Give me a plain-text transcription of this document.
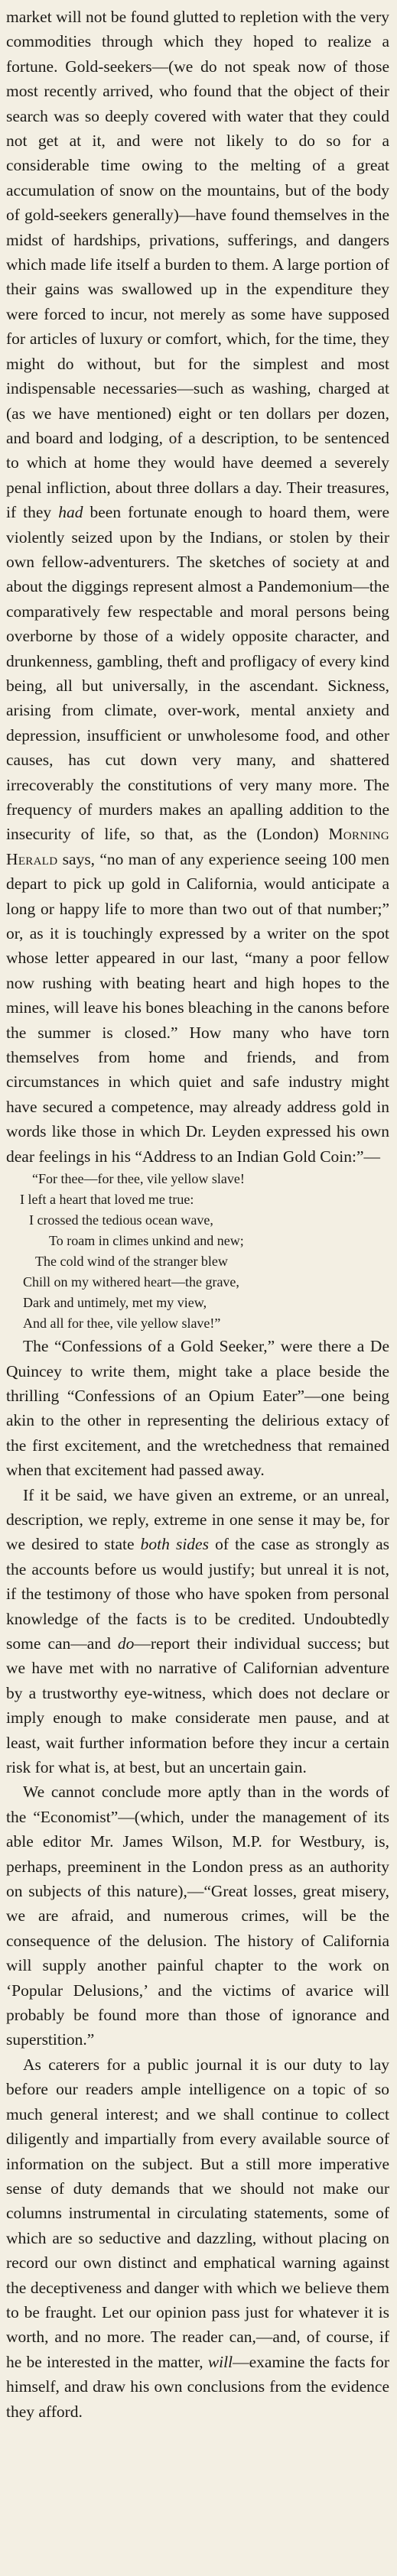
market will not be found glutted to repletion with the very commodities through which they hoped to realize a fortune. Gold-seekers—(we do not speak now of those most recently arrived, who found that the object of their search was so deeply covered with water that they could not get at it, and were not likely to do so for a considerable time owing to the melting of a great accumulation of snow on the mountains, but of the body of gold-seekers generally)—have found themselves in the midst of hardships, privations, sufferings, and dangers which made life itself a burden to them. A large portion of their gains was swallowed up in the expenditure they were forced to incur, not merely as some have supposed for articles of luxury or comfort, which, for the time, they might do without, but for the simplest and most indispensable necessaries—such as washing, charged at (as we have mentioned) eight or ten dollars per dozen, and board and lodging, of a description, to be sentenced to which at home they would have deemed a severely penal infliction, about three dollars a day. Their treasures, if they had been fortunate enough to hoard them, were violently seized upon by the Indians, or stolen by their own fellow-adventurers. The sketches of society at and about the diggings represent almost a Pandemonium—the comparatively few respectable and moral persons being overborne by those of a widely opposite character, and drunkenness, gambling, theft and profligacy of every kind being, all but universally, in the ascendant. Sickness, arising from climate, over-work, mental anxiety and depression, insufficient or unwholesome food, and other causes, has cut down very many, and shattered irrecoverably the constitutions of very many more. The frequency of murders makes an apalling addition to the insecurity of life, so that, as the (London) Morning Herald says, “no man of any experience seeing 100 men depart to pick up gold in California, would anticipate a long or happy life to more than two out of that number;” or, as it is touchingly expressed by a writer on the spot whose letter appeared in our last, “many a poor fellow now rushing with beating heart and high hopes to the mines, will leave his bones bleaching in the canons before the summer is closed.” How many who have torn themselves from home and friends, and from circumstances in which quiet and safe industry might have secured a competence, may already address gold in words like those in which Dr. Leyden expressed his own dear feelings in his “Address to an Indian Gold Coin:”—

“For thee—for thee, vile yellow slave!
I left a heart that loved me true:
I crossed the tedious ocean wave,
To roam in climes unkind and new;
The cold wind of the stranger blew
Chill on my withered heart—the grave,
Dark and untimely, met my view,
And all for thee, vile yellow slave!”

The “Confessions of a Gold Seeker,” were there a De Quincey to write them, might take a place beside the thrilling “Confessions of an Opium Eater”—one being akin to the other in representing the delirious extacy of the first excitement, and the wretchedness that remained when that excitement had passed away.

If it be said, we have given an extreme, or an unreal, description, we reply, extreme in one sense it may be, for we desired to state both sides of the case as strongly as the accounts before us would justify; but unreal it is not, if the testimony of those who have spoken from personal knowledge of the facts is to be credited. Undoubtedly some can—and do—report their individual success; but we have met with no narrative of Californian adventure by a trustworthy eye-witness, which does not declare or imply enough to make considerate men pause, and at least, wait further information before they incur a certain risk for what is, at best, but an uncertain gain.

We cannot conclude more aptly than in the words of the “Economist”—(which, under the management of its able editor Mr. James Wilson, M.P. for Westbury, is, perhaps, preeminent in the London press as an authority on subjects of this nature),—“Great losses, great misery, we are afraid, and numerous crimes, will be the consequence of the delusion. The history of California will supply another painful chapter to the work on ‘Popular Delusions,’ and the victims of avarice will probably be found more than those of ignorance and superstition.”

As caterers for a public journal it is our duty to lay before our readers ample intelligence on a topic of so much general interest; and we shall continue to collect diligently and impartially from every available source of information on the subject. But a still more imperative sense of duty demands that we should not make our columns instrumental in circulating statements, some of which are so seductive and dazzling, without placing on record our own distinct and emphatical warning against the deceptiveness and danger with which we believe them to be fraught. Let our opinion pass just for whatever it is worth, and no more. The reader can,—and, of course, if he be interested in the matter, will—examine the facts for himself, and draw his own conclusions from the evidence they afford.
